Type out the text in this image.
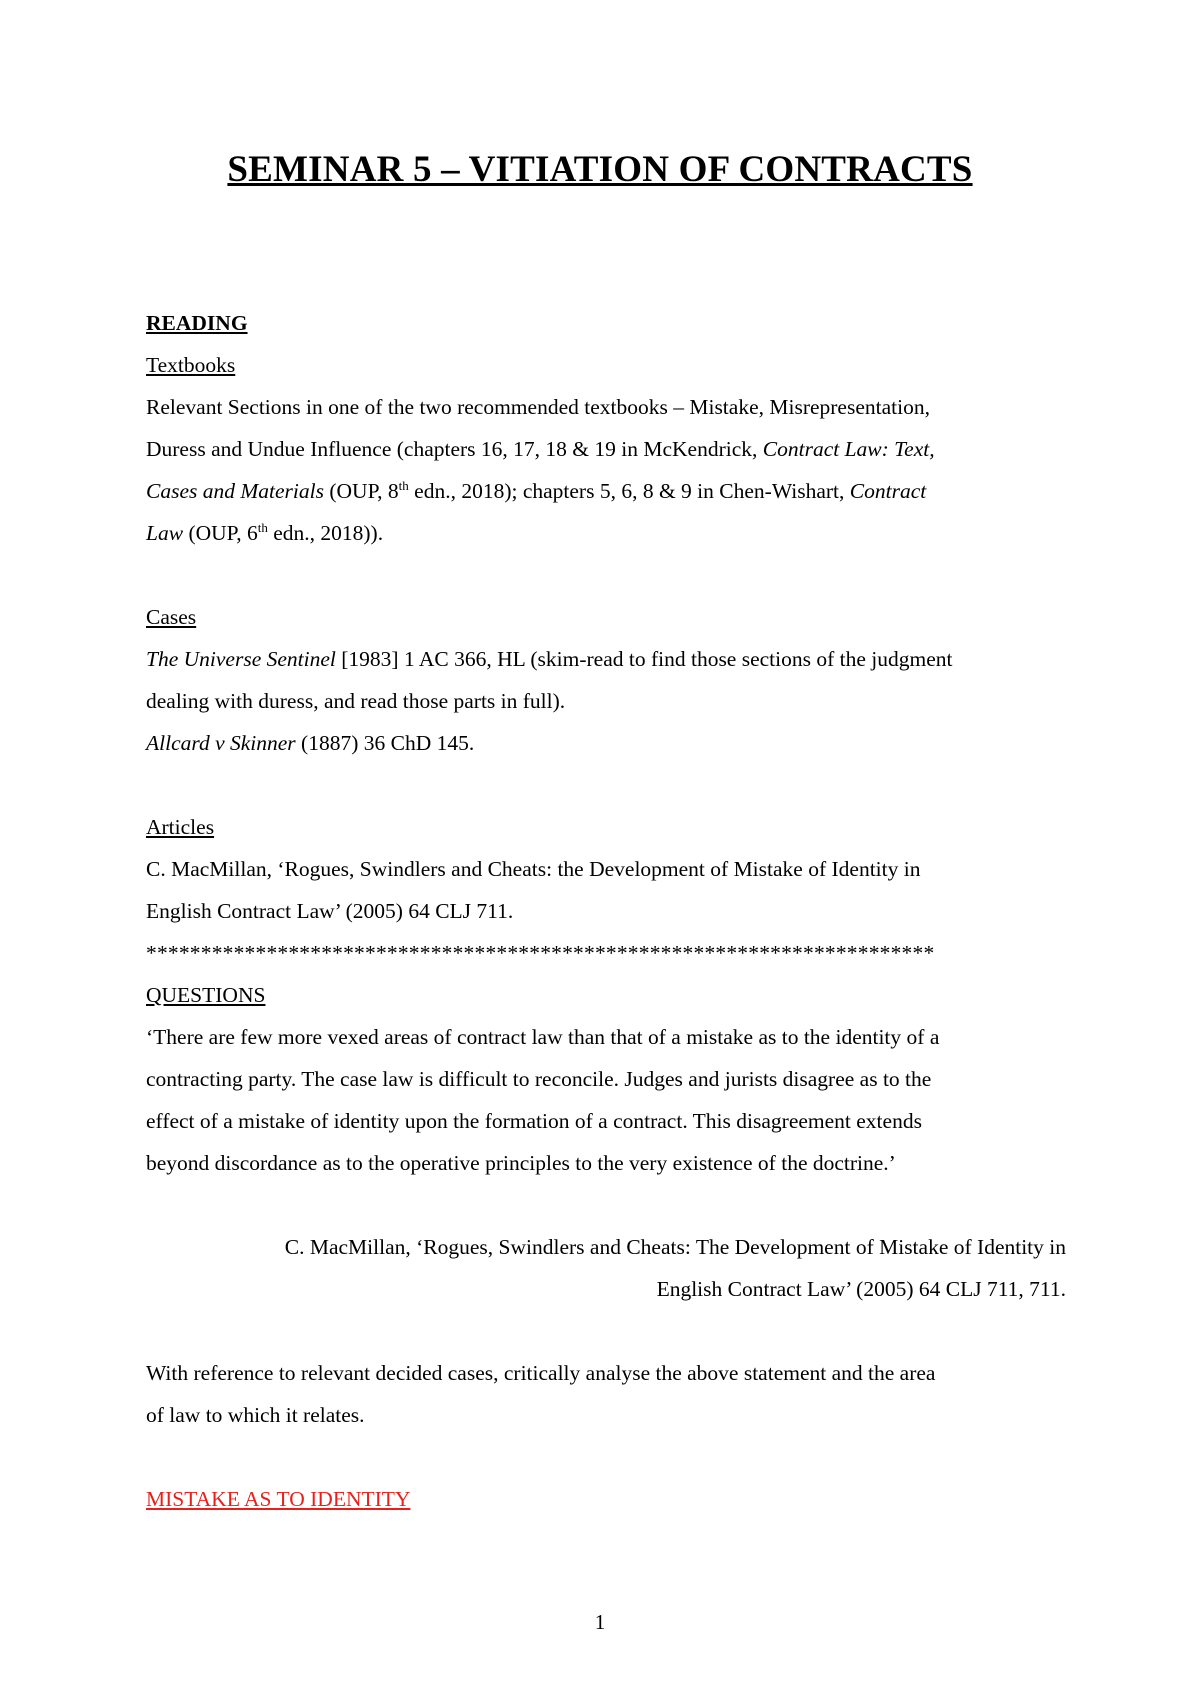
SEMINAR 5 – VITIATION OF CONTRACTS
READING
Textbooks
Relevant Sections in one of the two recommended textbooks – Mistake, Misrepresentation,
Duress and Undue Influence (chapters 16, 17, 18 & 19 in McKendrick, Contract Law: Text,
Cases and Materials (OUP, 8th edn., 2018); chapters 5, 6, 8 & 9 in Chen-Wishart, Contract
Law (OUP, 6th edn., 2018)).
Cases
The Universe Sentinel [1983] 1 AC 366, HL (skim-read to find those sections of the judgment
dealing with duress, and read those parts in full).
Allcard v Skinner (1887) 36 ChD 145.
Articles
C. MacMillan, ‘Rogues, Swindlers and Cheats: the Development of Mistake of Identity in
English Contract Law’ (2005) 64 CLJ 711.
************************************************************************
QUESTIONS
‘There are few more vexed areas of contract law than that of a mistake as to the identity of a
contracting party. The case law is difficult to reconcile. Judges and jurists disagree as to the
effect of a mistake of identity upon the formation of a contract. This disagreement extends
beyond discordance as to the operative principles to the very existence of the doctrine.’
C. MacMillan, ‘Rogues, Swindlers and Cheats: The Development of Mistake of Identity in
English Contract Law’ (2005) 64 CLJ 711, 711.
With reference to relevant decided cases, critically analyse the above statement and the area
of law to which it relates.
MISTAKE AS TO IDENTITY
1
